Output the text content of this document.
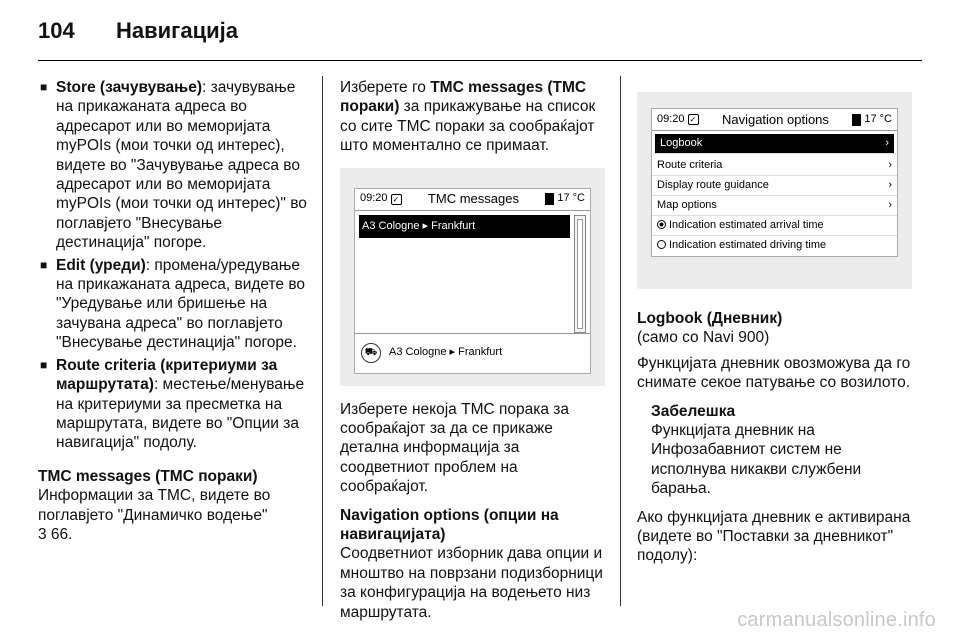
104	Навигација
■ Store (зачувување): зачувување на прикажаната адреса во адресарот или во меморијата myPOIs (мои точки од интерес), видете во "Зачувување адреса во адресарот или во меморијата myPOIs (мои точки од интерес)" во поглавјето "Внесување дестинација" погоре.
■ Edit (уреди): промена/уредување на прикажаната адреса, видете во "Уредување или бришење на зачувана адреса" во поглавјето "Внесување дестинација" погоре.
■ Route criteria (критериуми за маршрутата): местење/менување на критериуми за пресметка на маршрутата, видете во "Опции за навигација" подолу.
TMC messages (TMC пораки)
Информации за ТМС, видете во поглавјето "Динамичко водење"
3 66.

Изберете го TMC messages (TMC пораки) за прикажување на список со сите ТМС пораки за сообраќајот што моментално се примаат.

09:20 ✓	TMC messages	17 °C
A3 Cologne ▸ Frankfurt
⛟	A3 Cologne ▸ Frankfurt

Изберете некоја ТМС порака за сообраќајот за да се прикаже детална информација за соодветниот проблем на сообраќајот.

Navigation options (опции на навигацијата)
Соодветниот изборник дава опции и мноштво на поврзани подизборници за конфигурација на водењето низ маршрутата.
09:20 ✓	Navigation options	17 °C
Logbook	›
Route criteria	›
Display route guidance	›
Map options	›
Indication estimated arrival time
Indication estimated driving time
Logbook (Дневник)

(само со Navi 900)

Функцијата дневник овозможува да го снимате секое патување со возилото.

Забелешка
Функцијата дневник на Инфозабавниот систем не исполнува никакви службени барања.

Ако функцијата дневник е активирана (видете во "Поставки за дневникот" подолу):

carmanualsonline.info
